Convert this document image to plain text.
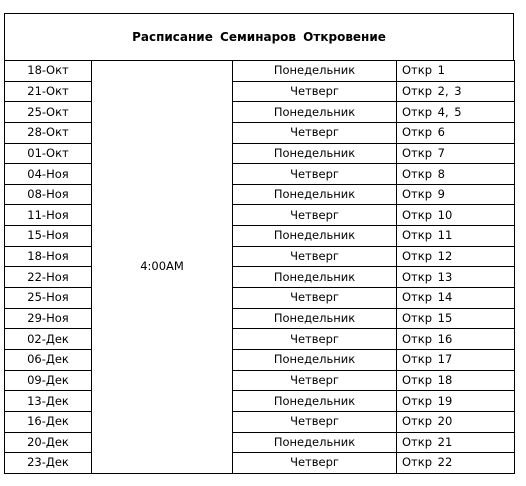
Расписание Семинаров Откровение
18-Окт	4:00AM	Понедельник	Откр 1
21-Окт		Четверг	Откр 2, 3
25-Окт		Понедельник	Откр 4, 5
28-Окт		Четверг	Откр 6
01-Окт		Понедельник	Откр 7
04-Ноя		Четверг	Откр 8
08-Ноя		Понедельник	Откр 9
11-Ноя		Четверг	Откр 10
15-Ноя		Понедельник	Откр 11
18-Ноя		Четверг	Откр 12
22-Ноя		Понедельник	Откр 13
25-Ноя		Четверг	Откр 14
29-Ноя		Понедельник	Откр 15
02-Дек		Четверг	Откр 16
06-Дек		Понедельник	Откр 17
09-Дек		Четверг	Откр 18
13-Дек		Понедельник	Откр 19
16-Дек		Четверг	Откр 20
20-Дек		Понедельник	Откр 21
23-Дек		Четверг	Откр 22
